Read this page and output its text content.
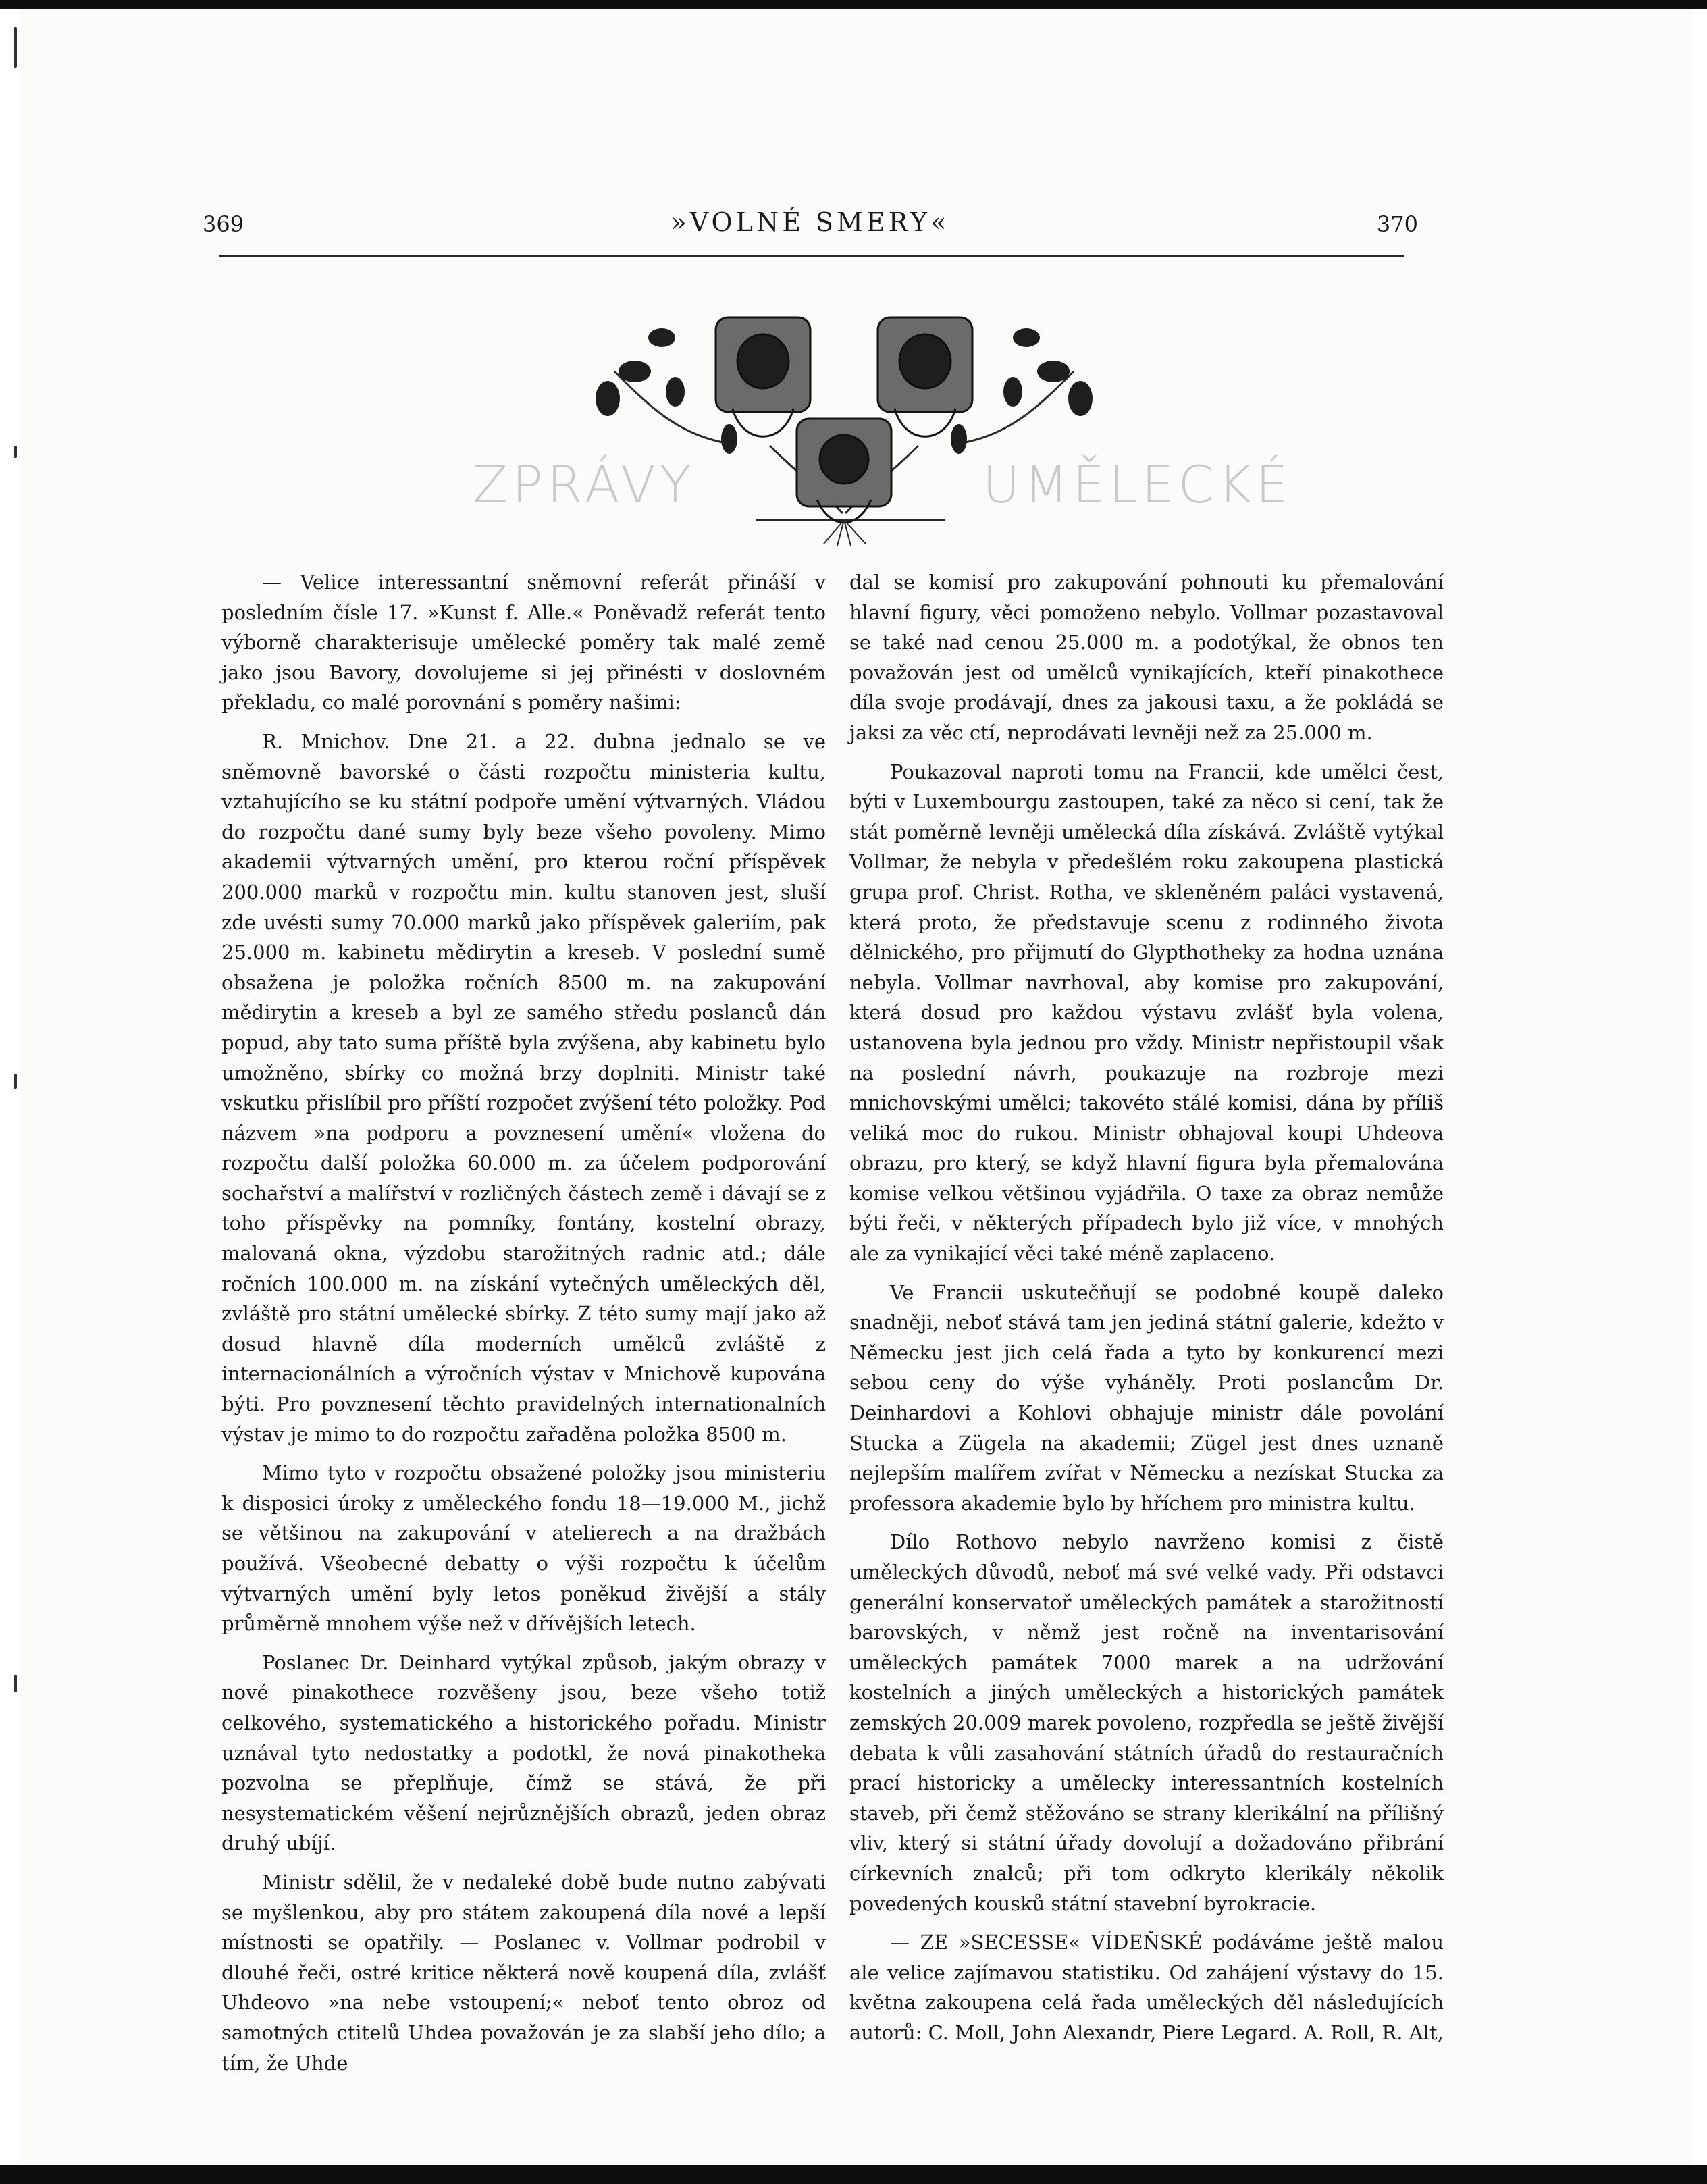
369	»VOLNÉ SMERY«	370
ZPRÁVY	UMĚLECKÉ

— Velice interessantní sněmovní referát přináší v posledním čísle 17. »Kunst f. Alle.« Poněvadž referát tento výborně charakterisuje umělecké poměry tak malé země jako jsou Bavory, dovolujeme si jej přinésti v doslovném překladu, co malé porovnání s poměry našimi:

R. Mnichov. Dne 21. a 22. dubna jednalo se ve sněmovně bavorské o části rozpočtu ministeria kultu, vztahujícího se ku státní podpoře umění výtvarných. Vládou do rozpočtu dané sumy byly beze všeho povoleny. Mimo akademii výtvarných umění, pro kterou roční příspěvek 200.000 marků v rozpočtu min. kultu stanoven jest, sluší zde uvésti sumy 70.000 marků jako příspěvek galeriím, pak 25.000 m. kabinetu mědirytin a kreseb. V poslední sumě obsažena je položka ročních 8500 m. na zakupování mědirytin a kreseb a byl ze samého středu poslanců dán popud, aby tato suma příště byla zvýšena, aby kabinetu bylo umožněno, sbírky co možná brzy doplniti. Ministr také vskutku přislíbil pro příští rozpočet zvýšení této položky. Pod názvem »na podporu a povznesení umění« vložena do rozpočtu další položka 60.000 m. za účelem podporování sochařství a malířství v rozličných částech země i dávají se z toho příspěvky na pomníky, fontány, kostelní obrazy, malovaná okna, výzdobu starožitných radnic atd.; dále ročních 100.000 m. na získání vytečných uměleckých děl, zvláště pro státní umělecké sbírky. Z této sumy mají jako až dosud hlavně díla moderních umělců zvláště z internacionálních a výročních výstav v Mnichově kupována býti. Pro povznesení těchto pravidelných internationalních výstav je mimo to do rozpočtu zařaděna položka 8500 m.

Mimo tyto v rozpočtu obsažené položky jsou ministeriu k disposici úroky z uměleckého fondu 18—19.000 M., jichž se většinou na zakupování v atelierech a na dražbách používá. Všeobecné debatty o výši rozpočtu k účelům výtvarných umění byly letos poněkud živější a stály průměrně mnohem výše než v dřívějších letech.

Poslanec Dr. Deinhard vytýkal způsob, jakým obrazy v nové pinakothece rozvěšeny jsou, beze všeho totiž celkového, systematického a historického pořadu. Ministr uznával tyto nedostatky a podotkl, že nová pinakotheka pozvolna se přeplňuje, čímž se stává, že při nesystematickém věšení nejrůznějších obrazů, jeden obraz druhý ubíjí.

Ministr sdělil, že v nedaleké době bude nutno zabývati se myšlenkou, aby pro státem zakoupená díla nové a lepší místnosti se opatřily. — Poslanec v. Vollmar podrobil v dlouhé řeči, ostré kritice některá nově koupená díla, zvlášť Uhdeovo »na nebe vstoupení;« neboť tento obroz od samotných ctitelů Uhdea považován je za slabší jeho dílo; a tím, že Uhde

dal se komisí pro zakupování pohnouti ku přemalování hlavní figury, věci pomoženo nebylo. Vollmar pozastavoval se také nad cenou 25.000 m. a podotýkal, že obnos ten považován jest od umělců vynikajících, kteří pinakothece díla svoje prodávají, dnes za jakousi taxu, a že pokládá se jaksi za věc ctí, neprodávati levněji než za 25.000 m.

Poukazoval naproti tomu na Francii, kde umělci čest, býti v Luxembourgu zastoupen, také za něco si cení, tak že stát poměrně levněji umělecká díla získává. Zvláště vytýkal Vollmar, že nebyla v předešlém roku zakoupena plastická grupa prof. Christ. Rotha, ve skleněném paláci vystavená, která proto, že představuje scenu z rodinného života dělnického, pro přijmutí do Glypthotheky za hodna uznána nebyla. Vollmar navrhoval, aby komise pro zakupování, která dosud pro každou výstavu zvlášť byla volena, ustanovena byla jednou pro vždy. Ministr nepřistoupil však na poslední návrh, poukazuje na rozbroje mezi mnichovskými umělci; takovéto stálé komisi, dána by příliš veliká moc do rukou. Ministr obhajoval koupi Uhdeova obrazu, pro který, se když hlavní figura byla přemalována komise velkou většinou vyjádřila. O taxe za obraz nemůže býti řeči, v některých případech bylo již více, v mnohých ale za vynikající věci také méně zaplaceno.

Ve Francii uskutečňují se podobné koupě daleko snadněji, neboť stává tam jen jediná státní galerie, kdežto v Německu jest jich celá řada a tyto by konkurencí mezi sebou ceny do výše vyháněly. Proti poslancům Dr. Deinhardovi a Kohlovi obhajuje ministr dále povolání Stucka a Zügela na akademii; Zügel jest dnes uznaně nejlepším malířem zvířat v Německu a nezískat Stucka za professora akademie bylo by hříchem pro ministra kultu.

Dílo Rothovo nebylo navrženo komisi z čistě uměleckých důvodů, neboť má své velké vady. Při odstavci generální konservatoř uměleckých památek a starožitností barovských, v němž jest ročně na inventarisování uměleckých památek 7000 marek a na udržování kostelních a jiných uměleckých a historických památek zemských 20.009 marek povoleno, rozpředla se ještě živější debata k vůli zasahování státních úřadů do restauračních prací historicky a umělecky interessantních kostelních staveb, při čemž stěžováno se strany klerikální na přílišný vliv, který si státní úřady dovolují a dožadováno přibrání církevních znalců; při tom odkryto klerikály několik povedených kousků státní stavební byrokracie.

— ZE »SECESSE« VÍDEŇSKÉ podáváme ještě malou ale velice zajímavou statistiku. Od zahájení výstavy do 15. května zakoupena celá řada uměleckých děl následujících autorů: C. Moll, John Alexandr, Piere Legard. A. Roll, R. Alt,
